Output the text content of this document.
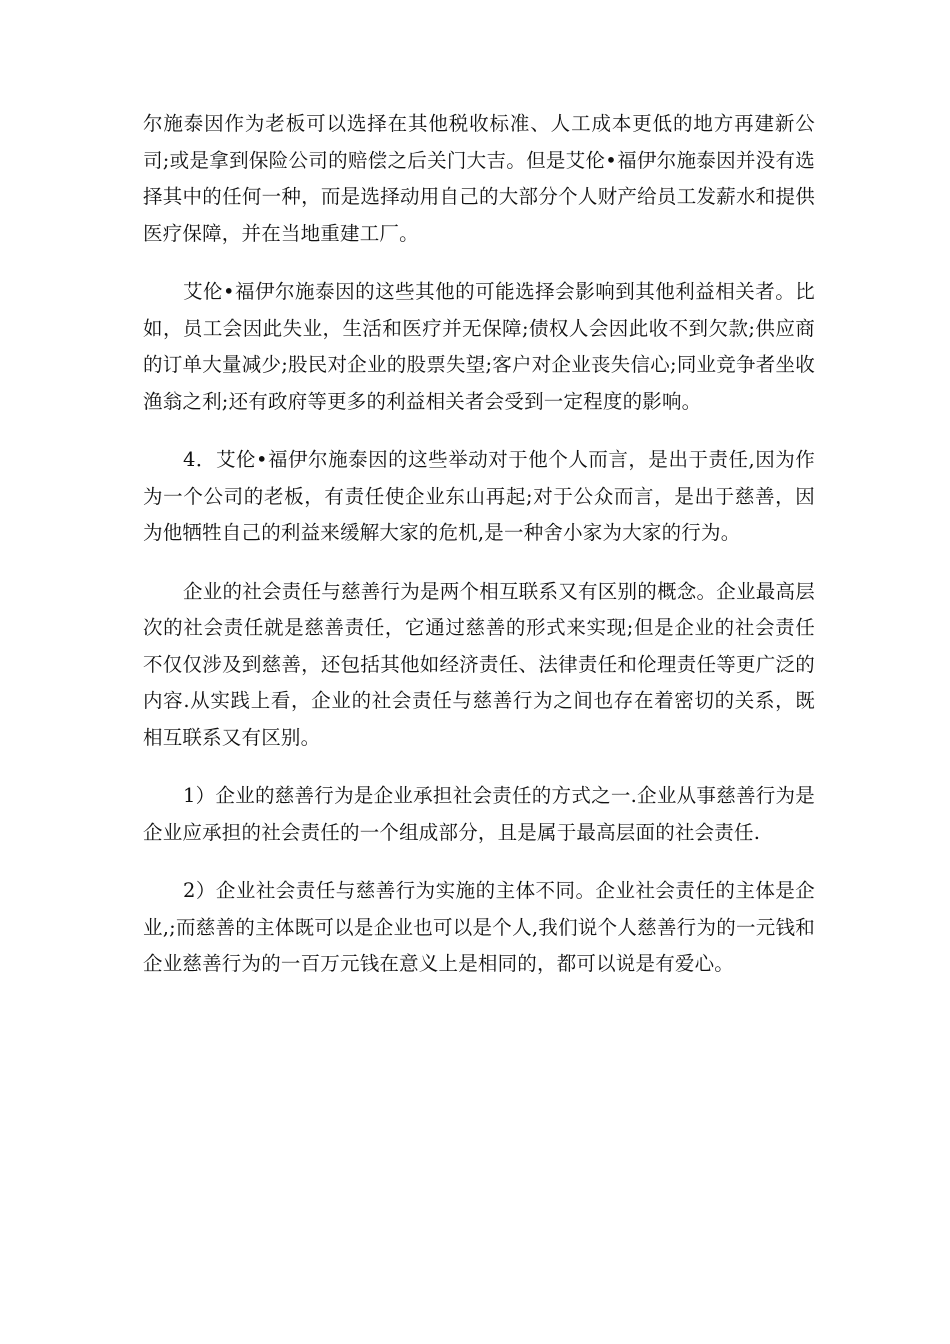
尔施泰因作为老板可以选择在其他税收标准、人工成本更低的地方再建新公司;或是拿到保险公司的赔偿之后关门大吉。但是艾伦•福伊尔施泰因并没有选择其中的任何一种，而是选择动用自己的大部分个人财产给员工发薪水和提供医疗保障，并在当地重建工厂。

艾伦•福伊尔施泰因的这些其他的可能选择会影响到其他利益相关者。比如，员工会因此失业，生活和医疗并无保障;债权人会因此收不到欠款;供应商的订单大量减少;股民对企业的股票失望;客户对企业丧失信心;同业竞争者坐收渔翁之利;还有政府等更多的利益相关者会受到一定程度的影响。

4．艾伦•福伊尔施泰因的这些举动对于他个人而言，是出于责任,因为作为一个公司的老板，有责任使企业东山再起;对于公众而言，是出于慈善，因为他牺牲自己的利益来缓解大家的危机,是一种舍小家为大家的行为。

企业的社会责任与慈善行为是两个相互联系又有区别的概念。企业最高层次的社会责任就是慈善责任，它通过慈善的形式来实现;但是企业的社会责任不仅仅涉及到慈善，还包括其他如经济责任、法律责任和伦理责任等更广泛的内容.从实践上看，企业的社会责任与慈善行为之间也存在着密切的关系，既相互联系又有区别。

1）企业的慈善行为是企业承担社会责任的方式之一.企业从事慈善行为是企业应承担的社会责任的一个组成部分，且是属于最高层面的社会责任.

2）企业社会责任与慈善行为实施的主体不同。企业社会责任的主体是企业,;而慈善的主体既可以是企业也可以是个人,我们说个人慈善行为的一元钱和企业慈善行为的一百万元钱在意义上是相同的，都可以说是有爱心。
